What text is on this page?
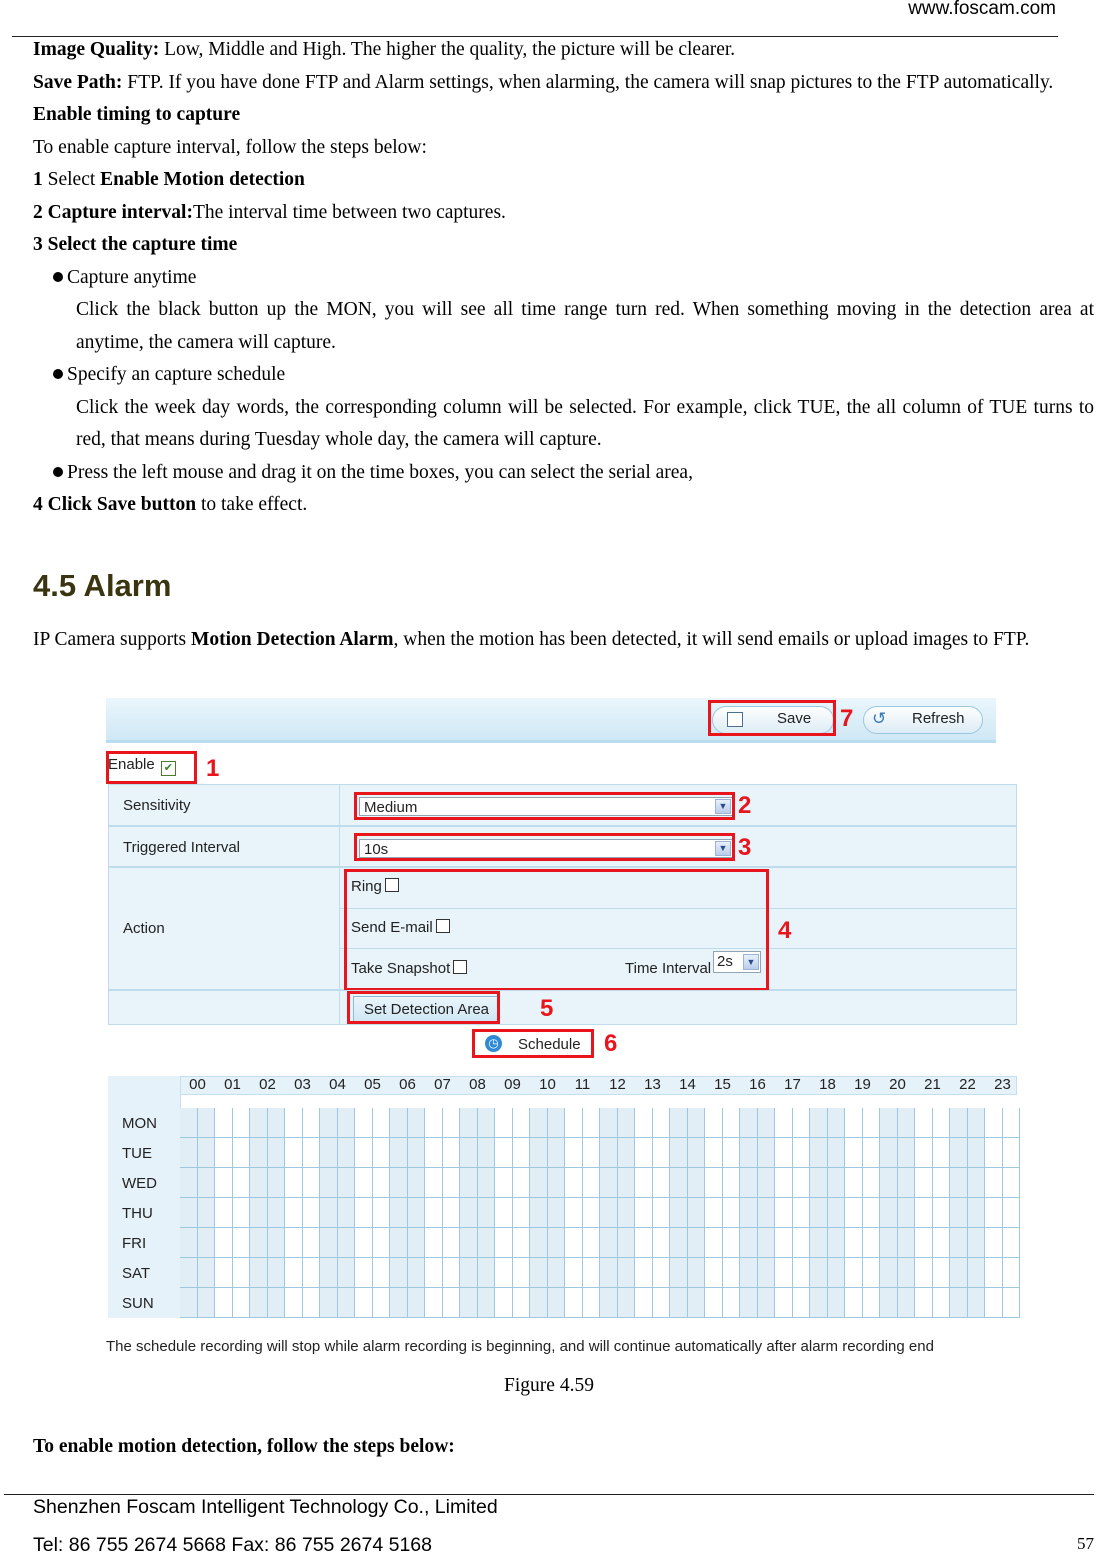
www.foscam.com

Image Quality: Low, Middle and High. The higher the quality, the picture will be clearer.

Save Path: FTP. If you have done FTP and Alarm settings, when alarming, the camera will snap pictures to the FTP automatically.

Enable timing to capture

To enable capture interval, follow the steps below:

1 Select Enable Motion detection

2 Capture interval:The interval time between two captures.

3 Select the capture time

Capture anytime

Click the black button up the MON, you will see all time range turn red. When something moving in the detection area at anytime, the camera will capture.

Specify an capture schedule

Click the week day words, the corresponding column will be selected. For example, click TUE, the all column of TUE turns to red, that means during Tuesday whole day, the camera will capture.

Press the left mouse and drag it on the time boxes, you can select the serial area,

4 Click Save button to take effect.

4.5 Alarm

IP Camera supports Motion Detection Alarm, when the motion has been detected, it will send emails or upload images to FTP.

Save	↺ Refresh
7
Enable ✔ 1
Sensitivity	Medium	▼ 2
Triggered Interval	10s	▼ 3
Action
Ring
Send E-mail
Take Snapshot	Time Interval 2s	▼
4
Set Detection Area	5
◷ Schedule 6
00	01	02	03	04	05	06	07	08	09	10	11	12	13	14	15	16	17	18	19	20	21	22	23
MON
TUE
WED
THU
FRI
SAT
SUN
The schedule recording will stop while alarm recording is beginning, and will continue automatically after alarm recording end
Figure 4.59
To enable motion detection, follow the steps below:
Shenzhen Foscam Intelligent Technology Co., Limited
Tel: 86 755 2674 5668 Fax: 86 755 2674 5168	57
